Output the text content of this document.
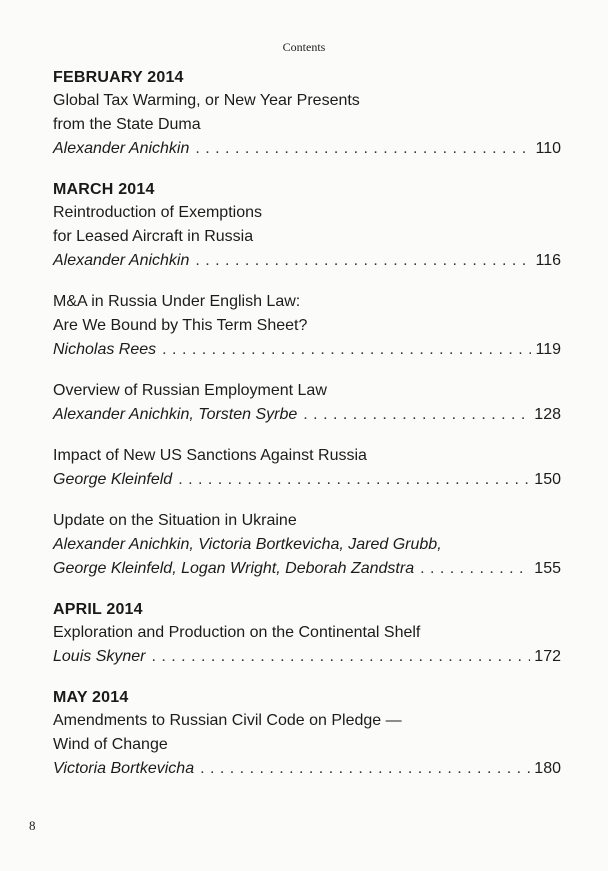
Contents
FEBRUARY 2014
Global Tax Warming, or New Year Presents
from the State Duma
Alexander Anichkin . . .	110
MARCH 2014
Reintroduction of Exemptions
for Leased Aircraft in Russia
Alexander Anichkin . . .	116
M&A in Russia Under English Law:
Are We Bound by This Term Sheet?
Nicholas Rees . . .	119
Overview of Russian Employment Law
Alexander Anichkin, Torsten Syrbe . . .	128
Impact of New US Sanctions Against Russia
George Kleinfeld . . .	150
Update on the Situation in Ukraine
Alexander Anichkin, Victoria Bortkevicha, Jared Grubb,
George Kleinfeld, Logan Wright, Deborah Zandstra . . .	155
APRIL 2014
Exploration and Production on the Continental Shelf
Louis Skyner . . .	172
MAY 2014
Amendments to Russian Civil Code on Pledge —
Wind of Change
Victoria Bortkevicha . . .	180
8
